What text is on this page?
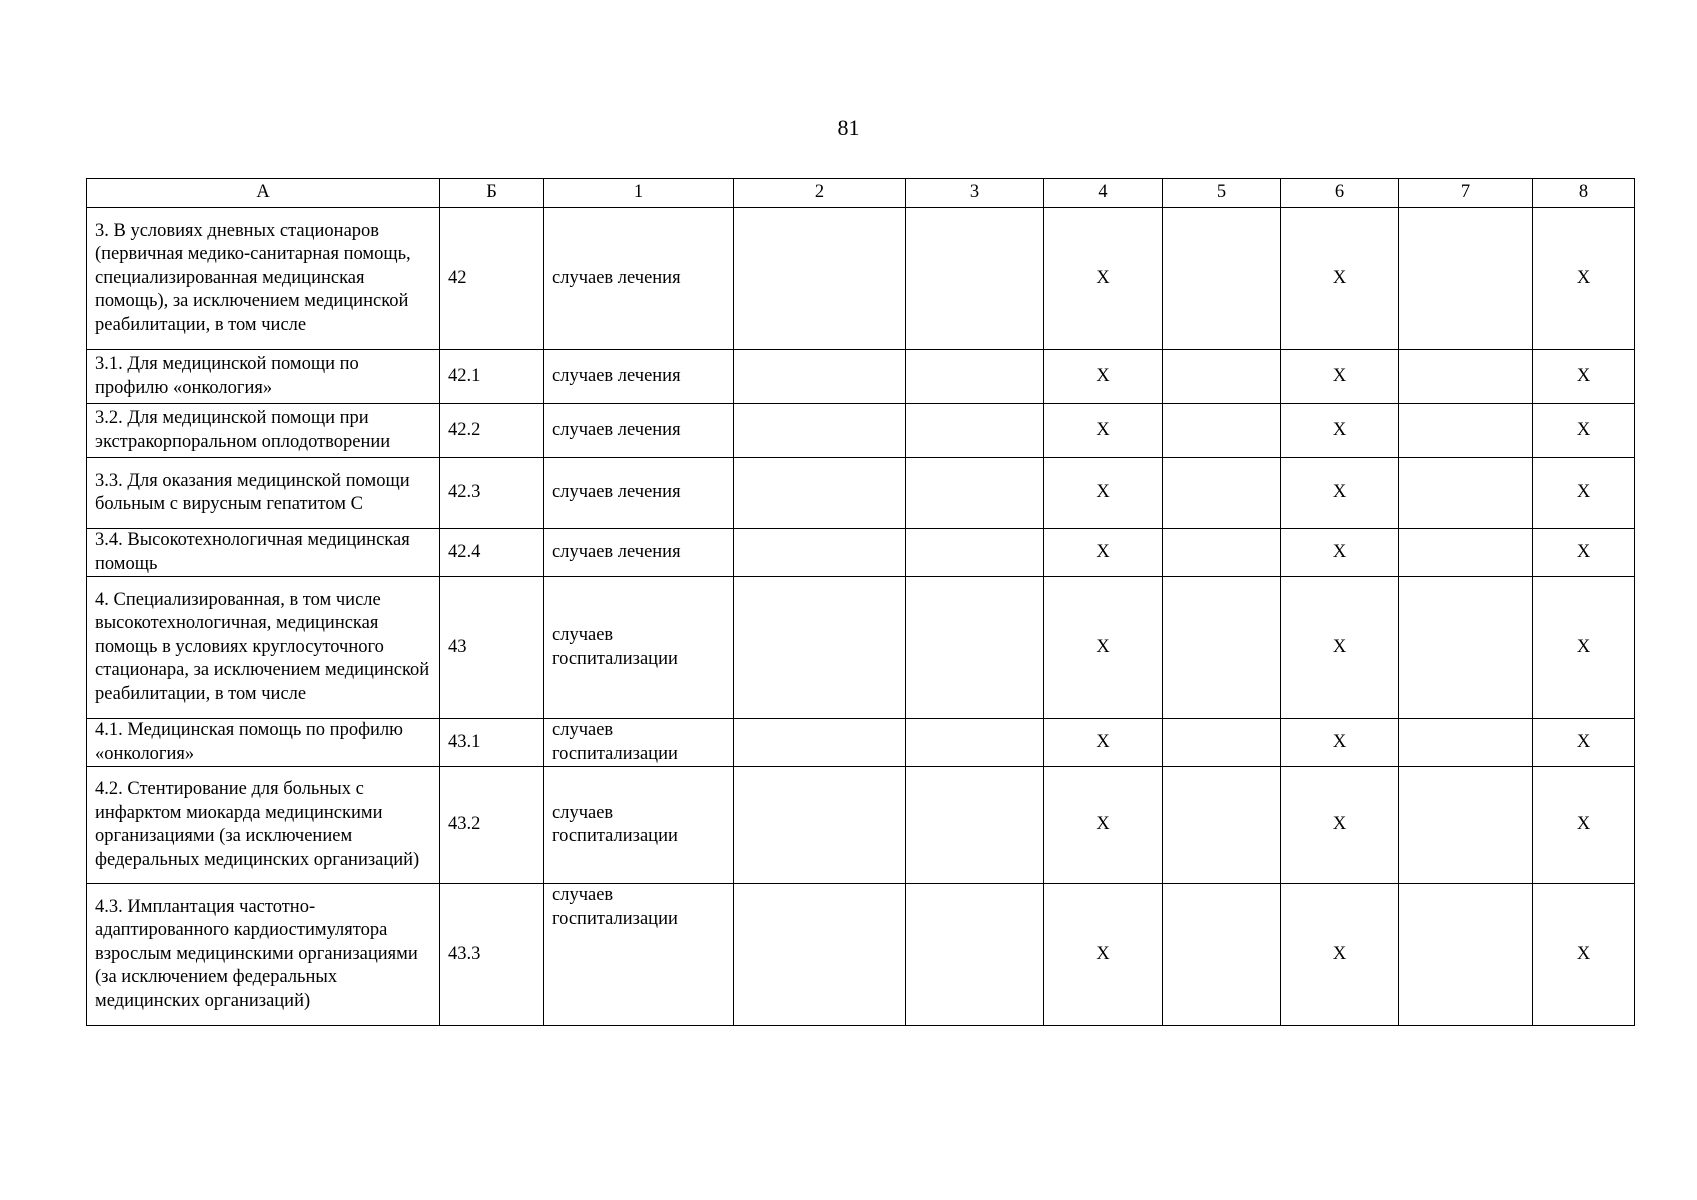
81
А	Б	1	2	3	4	5	6	7	8
3. В условиях дневных стационаров (первичная медико-санитарная помощь, специализированная медицинская помощь), за исключением медицинской реабилитации, в том числе	42	случаев лечения			Х		Х		Х
3.1. Для медицинской помощи по профилю «онкология»	42.1	случаев лечения			Х		Х		Х
3.2. Для медицинской помощи при экстракорпоральном оплодотворении	42.2	случаев лечения			Х		Х		Х
3.3. Для оказания медицинской помощи больным с вирусным гепатитом С	42.3	случаев лечения			Х		Х		Х
3.4. Высокотехнологичная медицинская помощь	42.4	случаев лечения			Х		Х		Х
4. Специализированная, в том числе высокотехнологичная, медицинская помощь в условиях круглосуточного стационара, за исключением медицинской реабилитации, в том числе	43	случаев госпитализации			Х		Х		Х
4.1. Медицинская помощь по профилю «онкология»	43.1	случаев госпитализации			Х		Х		Х
4.2. Стентирование для больных с инфарктом миокарда медицинскими организациями (за исключением федеральных медицинских организаций)	43.2	случаев госпитализации			Х		Х		Х
4.3. Имплантация частотно-адаптированного кардиостимулятора взрослым медицинскими организациями (за исключением федеральных медицинских организаций)	43.3	случаев госпитализации			Х		Х		Х
